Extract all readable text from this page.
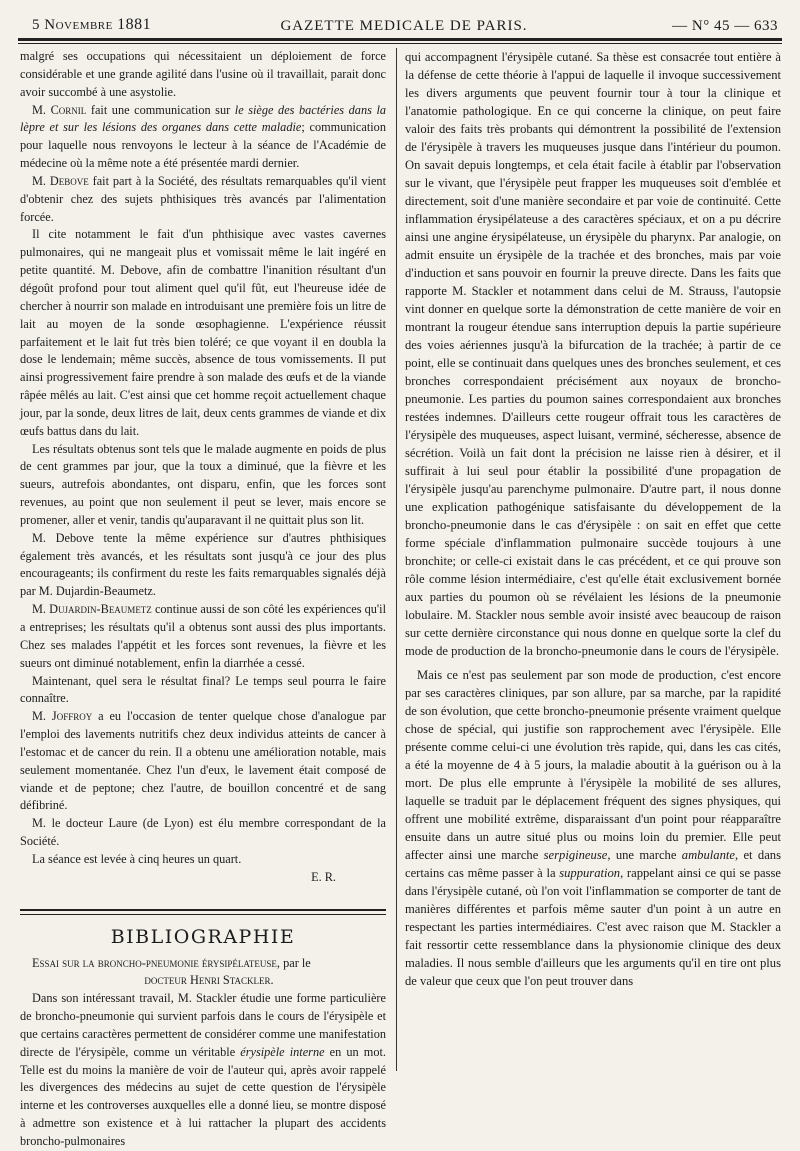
5 Novembre 1881	GAZETTE MEDICALE DE PARIS.	— N° 45 — 633

malgré ses occupations qui nécessitaient un déploiement de force considérable et une grande agilité dans l'usine où il travaillait, parait donc avoir succombé à une asystolie.

M. Cornil fait une communication sur le siège des bactéries dans la lèpre et sur les lésions des organes dans cette maladie; communication pour laquelle nous renvoyons le lecteur à la séance de l'Académie de médecine où la même note a été présentée mardi dernier.

M. Debove fait part à la Société, des résultats remarquables qu'il vient d'obtenir chez des sujets phthisiques très avancés par l'alimentation forcée.

Il cite notamment le fait d'un phthisique avec vastes cavernes pulmonaires, qui ne mangeait plus et vomissait même le lait ingéré en petite quantité. M. Debove, afin de combattre l'inanition résultant d'un dégoût profond pour tout aliment quel qu'il fût, eut l'heureuse idée de chercher à nourrir son malade en introduisant une première fois un litre de lait au moyen de la sonde œsophagienne. L'expérience réussit parfaitement et le lait fut très bien toléré; ce que voyant il en doubla la dose le lendemain; même succès, absence de tous vomissements. Il put ainsi progressivement faire prendre à son malade des œufs et de la viande râpée mêlés au lait. C'est ainsi que cet homme reçoit actuellement chaque jour, par la sonde, deux litres de lait, deux cents grammes de viande et dix œufs battus dans du lait.

Les résultats obtenus sont tels que le malade augmente en poids de plus de cent grammes par jour, que la toux a diminué, que la fièvre et les sueurs, autrefois abondantes, ont disparu, enfin, que les forces sont revenues, au point que non seulement il peut se lever, mais encore se promener, aller et venir, tandis qu'auparavant il ne quittait plus son lit.

M. Debove tente la même expérience sur d'autres phthisiques également très avancés, et les résultats sont jusqu'à ce jour des plus encourageants; ils confirment du reste les faits remarquables signalés déjà par M. Dujardin-Beaumetz.

M. Dujardin-Beaumetz continue aussi de son côté les expériences qu'il a entreprises; les résultats qu'il a obtenus sont aussi des plus importants. Chez ses malades l'appétit et les forces sont revenues, la fièvre et les sueurs ont diminué notablement, enfin la diarrhée a cessé.

Maintenant, quel sera le résultat final? Le temps seul pourra le faire connaître.

M. Joffroy a eu l'occasion de tenter quelque chose d'analogue par l'emploi des lavements nutritifs chez deux individus atteints de cancer à l'estomac et de cancer du rein. Il a obtenu une amélioration notable, mais seulement momentanée. Chez l'un d'eux, le lavement était composé de viande et de peptone; chez l'autre, de bouillon concentré et de sang défibriné.

M. le docteur Laure (de Lyon) est élu membre correspondant de la Société.

La séance est levée à cinq heures un quart.

E. R.

BIBLIOGRAPHIE

Essai sur la broncho-pneumonie érysipélateuse, par le
docteur Henri Stackler.

Dans son intéressant travail, M. Stackler étudie une forme particulière de broncho-pneumonie qui survient parfois dans le cours de l'érysipèle et que certains caractères permettent de considérer comme une manifestation directe de l'érysipèle, comme un véritable érysipèle interne en un mot. Telle est du moins la manière de voir de l'auteur qui, après avoir rappelé les divergences des médecins au sujet de cette question de l'érysipèle interne et les controverses auxquelles elle a donné lieu, se montre disposé à admettre son existence et à lui rattacher la plupart des accidents broncho-pulmonaires

qui accompagnent l'érysipèle cutané. Sa thèse est consacrée tout entière à la défense de cette théorie à l'appui de laquelle il invoque successivement les divers arguments que peuvent fournir tour à tour la clinique et l'anatomie pathologique. En ce qui concerne la clinique, on peut faire valoir des faits très probants qui démontrent la possibilité de l'extension de l'érysipèle à travers les muqueuses jusque dans l'intérieur du poumon. On savait depuis longtemps, et cela était facile à établir par l'observation sur le vivant, que l'érysipèle peut frapper les muqueuses soit d'emblée et directement, soit d'une manière secondaire et par voie de continuité. Cette inflammation érysipélateuse a des caractères spéciaux, et on a pu décrire ainsi une angine érysipélateuse, un érysipèle du pharynx. Par analogie, on admit ensuite un érysipèle de la trachée et des bronches, mais par voie d'induction et sans pouvoir en fournir la preuve directe. Dans les faits que rapporte M. Stackler et notamment dans celui de M. Strauss, l'autopsie vint donner en quelque sorte la démonstration de cette manière de voir en montrant la rougeur étendue sans interruption depuis la partie supérieure des voies aériennes jusqu'à la bifurcation de la trachée; à partir de ce point, elle se continuait dans quelques unes des bronches seulement, et ces bronches correspondaient précisément aux noyaux de broncho-pneumonie. Les parties du poumon saines correspondaient aux bronches restées indemnes. D'ailleurs cette rougeur offrait tous les caractères de l'érysipèle des muqueuses, aspect luisant, verminé, sécheresse, absence de sécrétion. Voilà un fait dont la précision ne laisse rien à désirer, et il suffirait à lui seul pour établir la possibilité d'une propagation de l'érysipèle jusqu'au parenchyme pulmonaire. D'autre part, il nous donne une explication pathogénique satisfaisante du développement de la broncho-pneumonie dans le cas d'érysipèle : on sait en effet que cette forme spéciale d'inflammation pulmonaire succède toujours à une bronchite; or celle-ci existait dans le cas précédent, et ce qui prouve son rôle comme lésion intermédiaire, c'est qu'elle était exclusivement bornée aux parties du poumon où se révélaient les lésions de la pneumonie lobulaire. M. Stackler nous semble avoir insisté avec beaucoup de raison sur cette dernière circonstance qui nous donne en quelque sorte la clef du mode de production de la broncho-pneumonie dans le cours de l'érysipèle.

Mais ce n'est pas seulement par son mode de production, c'est encore par ses caractères cliniques, par son allure, par sa marche, par la rapidité de son évolution, que cette broncho-pneumonie présente vraiment quelque chose de spécial, qui justifie son rapprochement avec l'érysipèle. Elle présente comme celui-ci une évolution très rapide, qui, dans les cas cités, a été la moyenne de 4 à 5 jours, la maladie aboutit à la guérison ou à la mort. De plus elle emprunte à l'érysipèle la mobilité de ses allures, laquelle se traduit par le déplacement fréquent des signes physiques, qui offrent une mobilité extrême, disparaissant d'un point pour réapparaître ensuite dans un autre situé plus ou moins loin du premier. Elle peut affecter ainsi une marche serpigineuse, une marche ambulante, et dans certains cas même passer à la suppuration, rappelant ainsi ce qui se passe dans l'érysipèle cutané, où l'on voit l'inflammation se comporter de tant de manières différentes et parfois même sauter d'un point à un autre en respectant les parties intermédiaires. C'est avec raison que M. Stackler a fait ressortir cette ressemblance dans la physionomie clinique des deux maladies. Il nous semble d'ailleurs que les arguments qu'il en tire ont plus de valeur que ceux que l'on peut trouver dans
